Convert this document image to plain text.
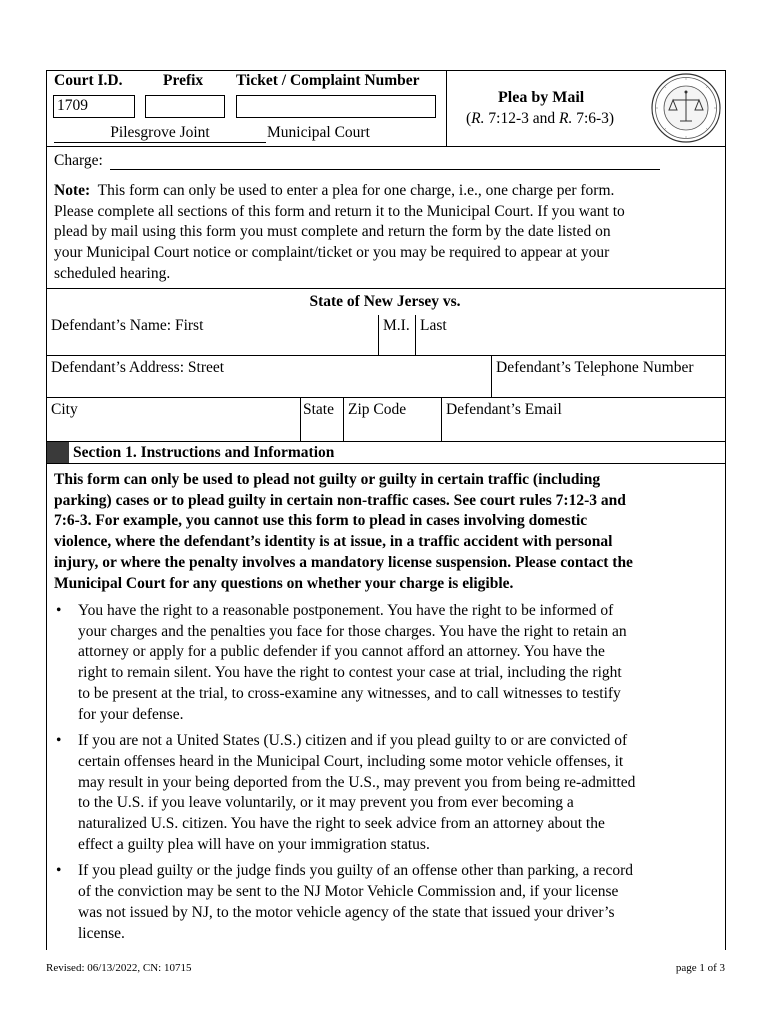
Court I.D.	Prefix Ticket / Complaint Number
1709
Pilesgrove Joint	Municipal Court
Plea by Mail
(R. 7:12-3 and R. 7:6-3)
Charge:
Note: This form can only be used to enter a plea for one charge, i.e., one charge per form.
Please complete all sections of this form and return it to the Municipal Court. If you want to
plead by mail using this form you must complete and return the form by the date listed on
your Municipal Court notice or complaint/ticket or you may be required to appear at your
scheduled hearing.
State of New Jersey vs.
Defendant’s Name: First	M.I. Last
Defendant’s Address: Street	Defendant’s Telephone Number
City	State Zip Code	Defendant’s Email
Section 1. Instructions and Information
This form can only be used to plead not guilty or guilty in certain traffic (including
parking) cases or to plead guilty in certain non-traffic cases. See court rules 7:12-3 and
7:6-3. For example, you cannot use this form to plead in cases involving domestic
violence, where the defendant’s identity is at issue, in a traffic accident with personal
injury, or where the penalty involves a mandatory license suspension. Please contact the
Municipal Court for any questions on whether your charge is eligible.
• You have the right to a reasonable postponement. You have the right to be informed of
your charges and the penalties you face for those charges. You have the right to retain an
attorney or apply for a public defender if you cannot afford an attorney. You have the
right to remain silent. You have the right to contest your case at trial, including the right
to be present at the trial, to cross-examine any witnesses, and to call witnesses to testify
for your defense.
• If you are not a United States (U.S.) citizen and if you plead guilty to or are convicted of
certain offenses heard in the Municipal Court, including some motor vehicle offenses, it
may result in your being deported from the U.S., may prevent you from being re-admitted
to the U.S. if you leave voluntarily, or it may prevent you from ever becoming a
naturalized U.S. citizen. You have the right to seek advice from an attorney about the
effect a guilty plea will have on your immigration status.
• If you plead guilty or the judge finds you guilty of an offense other than parking, a record
of the conviction may be sent to the NJ Motor Vehicle Commission and, if your license
was not issued by NJ, to the motor vehicle agency of the state that issued your driver’s
license.
Revised: 06/13/2022, CN: 10715	page 1 of 3
